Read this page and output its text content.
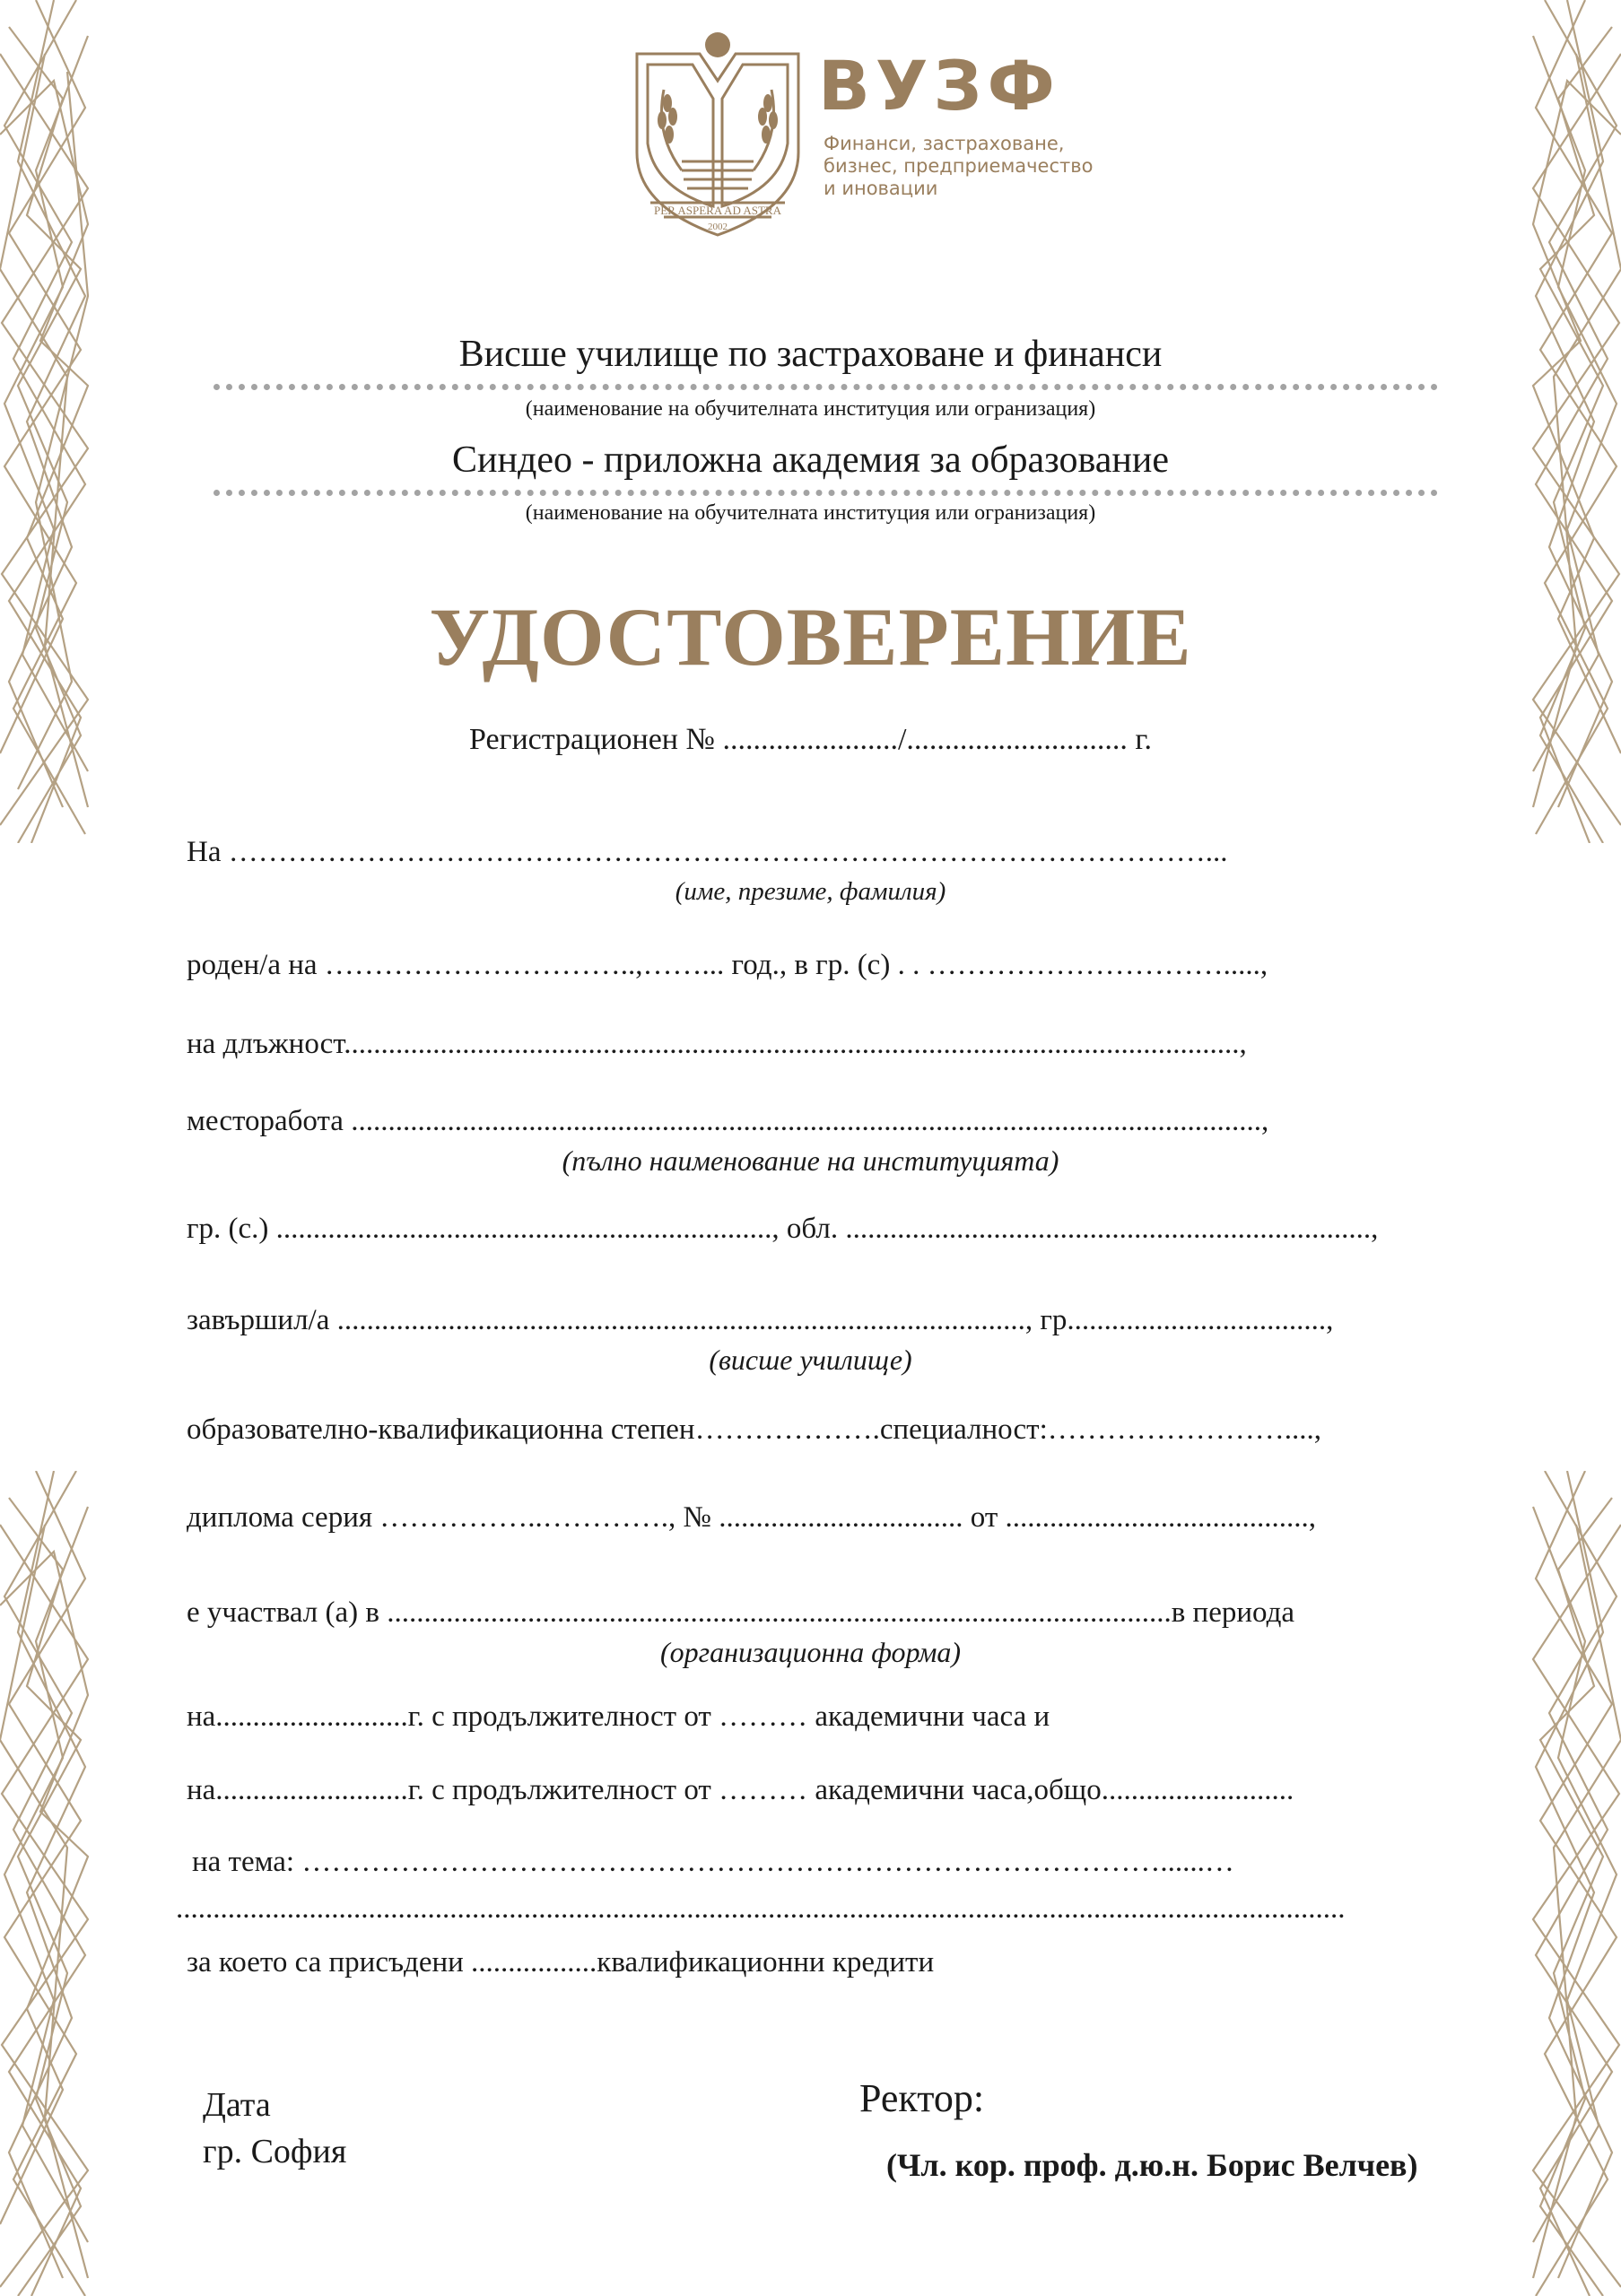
PER ASPERA AD ASTRA
2002
ВУЗФ
Финанси, застраховане,
бизнес, предприемачество
и иновации
Висше училище по застраховане и финанси
(наименование на обучителната институция или огранизация)
Синдео - приложна академия за образование
(наименование на обучителната институция или огранизация)
УДОСТОВЕРЕНИЕ
Регистрационен № ......................./............................. г.
На ………………………………………………………………………………………...
(име, презиме, фамилия)
роден/а на …………………………..,……... год., в гр. (с) . . ………………………….....,
на длъжност.........................................................................................................................,
месторабота ...........................................................................................................................,
(пълно наименование на институцията)
гр. (с.) ..................................................................., обл. .......................................................................,
завършил/а ............................................................................................., гр...................................,
(висше училище)
образователно-квалификационна степен……………….специалност:……………………....,
диплома серия ……………..…………., № ................................. от .........................................,
е участвал (а) в ..........................................................................................................в периода
(организационна форма)
на..........................г. с продължителност от ……… академични часа и
на..........................г. с продължителност от ……… академични часа,общо..........................
на тема: ……………………………………………………………………………......…
..............................................................................................................................................................
за което са присъдени .................квалификационни кредити
Дата
гр. София
Ректор:
(Чл. кор. проф. д.ю.н. Борис Велчев)
